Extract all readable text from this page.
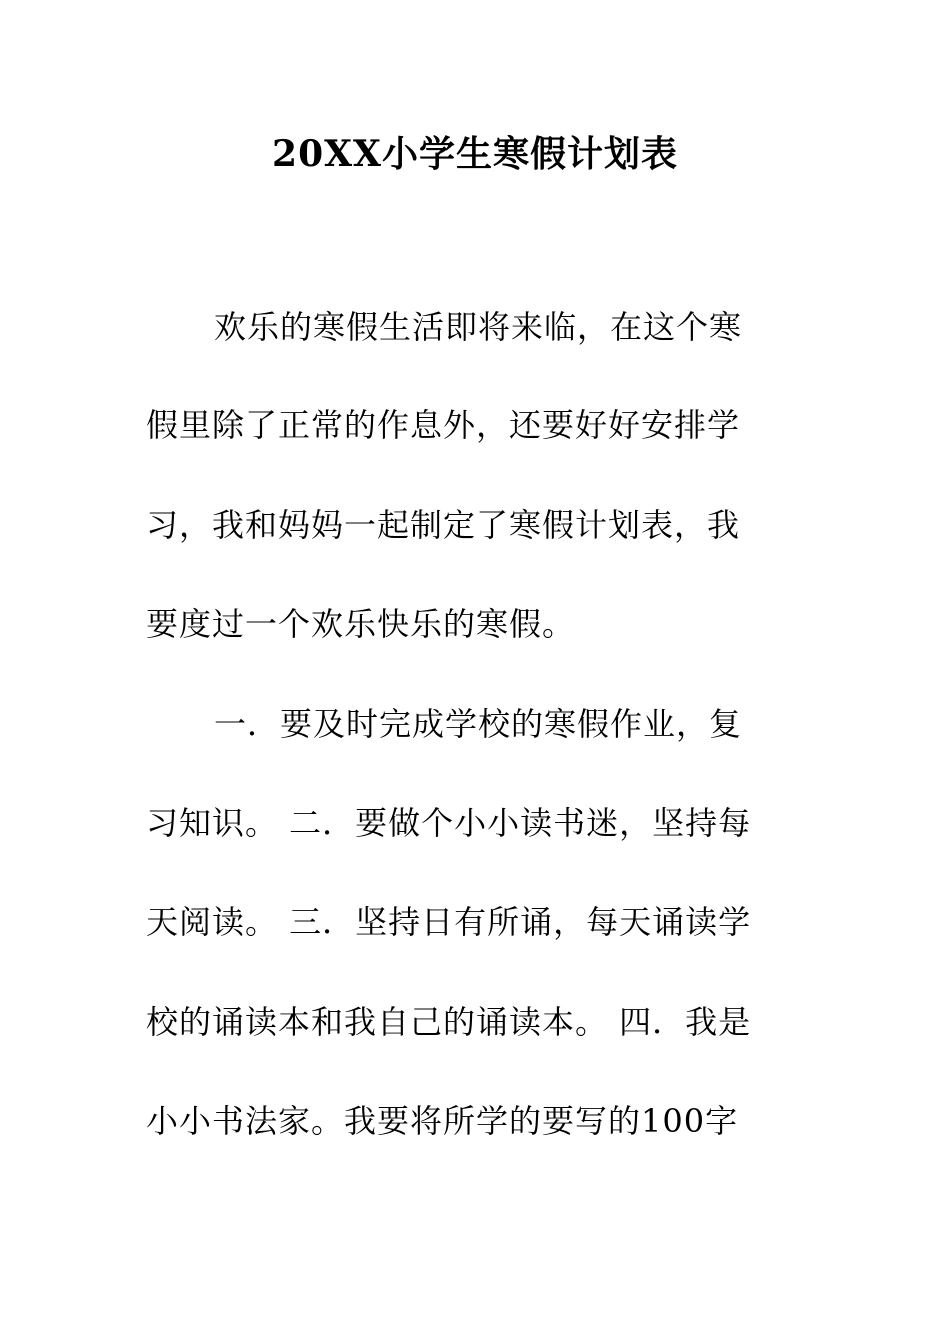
20XX小学生寒假计划表
欢乐的寒假生活即将来临，在这个寒
假里除了正常的作息外，还要好好安排学
习，我和妈妈一起制定了寒假计划表，我
要度过一个欢乐快乐的寒假。
一．要及时完成学校的寒假作业，复
习知识。 二．要做个小小读书迷，坚持每
天阅读。 三．坚持日有所诵，每天诵读学
校的诵读本和我自己的诵读本。 四．我是
小小书法家。我要将所学的要写的100字
